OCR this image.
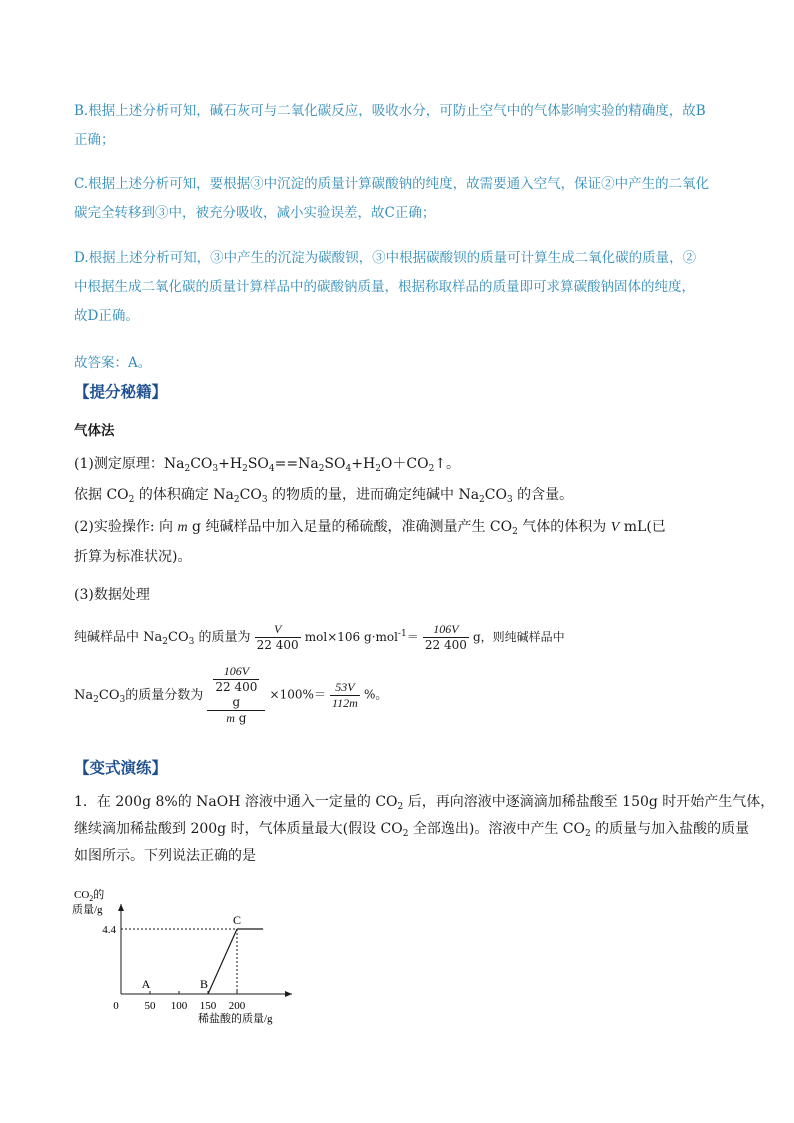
B.根据上述分析可知，碱石灰可与二氧化碳反应，吸收水分，可防止空气中的气体影响实验的精确度，故B

正确；

C.根据上述分析可知，要根据③中沉淀的质量计算碳酸钠的纯度，故需要通入空气，保证②中产生的二氧化

碳完全转移到③中，被充分吸收，减小实验误差，故C正确；

D.根据上述分析可知，③中产生的沉淀为碳酸钡，③中根据碳酸钡的质量可计算生成二氧化碳的质量，②

中根据生成二氧化碳的质量计算样品中的碳酸钠质量，根据称取样品的质量即可求算碳酸钠固体的纯度，

故D正确。

故答案：A。
【提分秘籍】
气体法
(1)测定原理：$Na_2CO_3+H_2SO_4==Na_2SO_4+H_2O+CO_2↑$。
依据 $CO_2$ 的体积确定 $Na_2CO_3$ 的物质的量，进而确定纯碱中 $Na_2CO_3$ 的含量。
(2)实验操作: 向 m g 纯碱样品中加入足量的稀硫酸，准确测量产生 $CO_2$ 气体的体积为 V mL(已
折算为标准状况)。
(3)数据处理
纯碱样品中 $Na_2CO_3$ 的质量为 $\frac{V}{22 400} mol\times 106$ $g\cdot mol^{-1}= \frac{106V}{22 400}$ g，则纯碱样品中
$Na_2CO_3$的质量分数为 $\frac{106V}{22 400}$
g
m $g \times 100\%= \frac{53V}{112m}$ %。
【变式演练】

1．在 200g 8%的 NaOH 溶液中通入一定量的 $CO_2$ 后，再向溶液中逐滴滴加稀盐酸至 150g 时开始产生气体，

继续滴加稀盐酸到 200g 时，气体质量最大(假设 $CO_2$ 全部逸出)。溶液中产生 $CO_2$ 的质量与加入盐酸的质量

如图所示。下列说法正确的是

$CO_2$的
质量/g
0 50 100 150 200
4.4
A	B
C
稀盐酸的质量/g
